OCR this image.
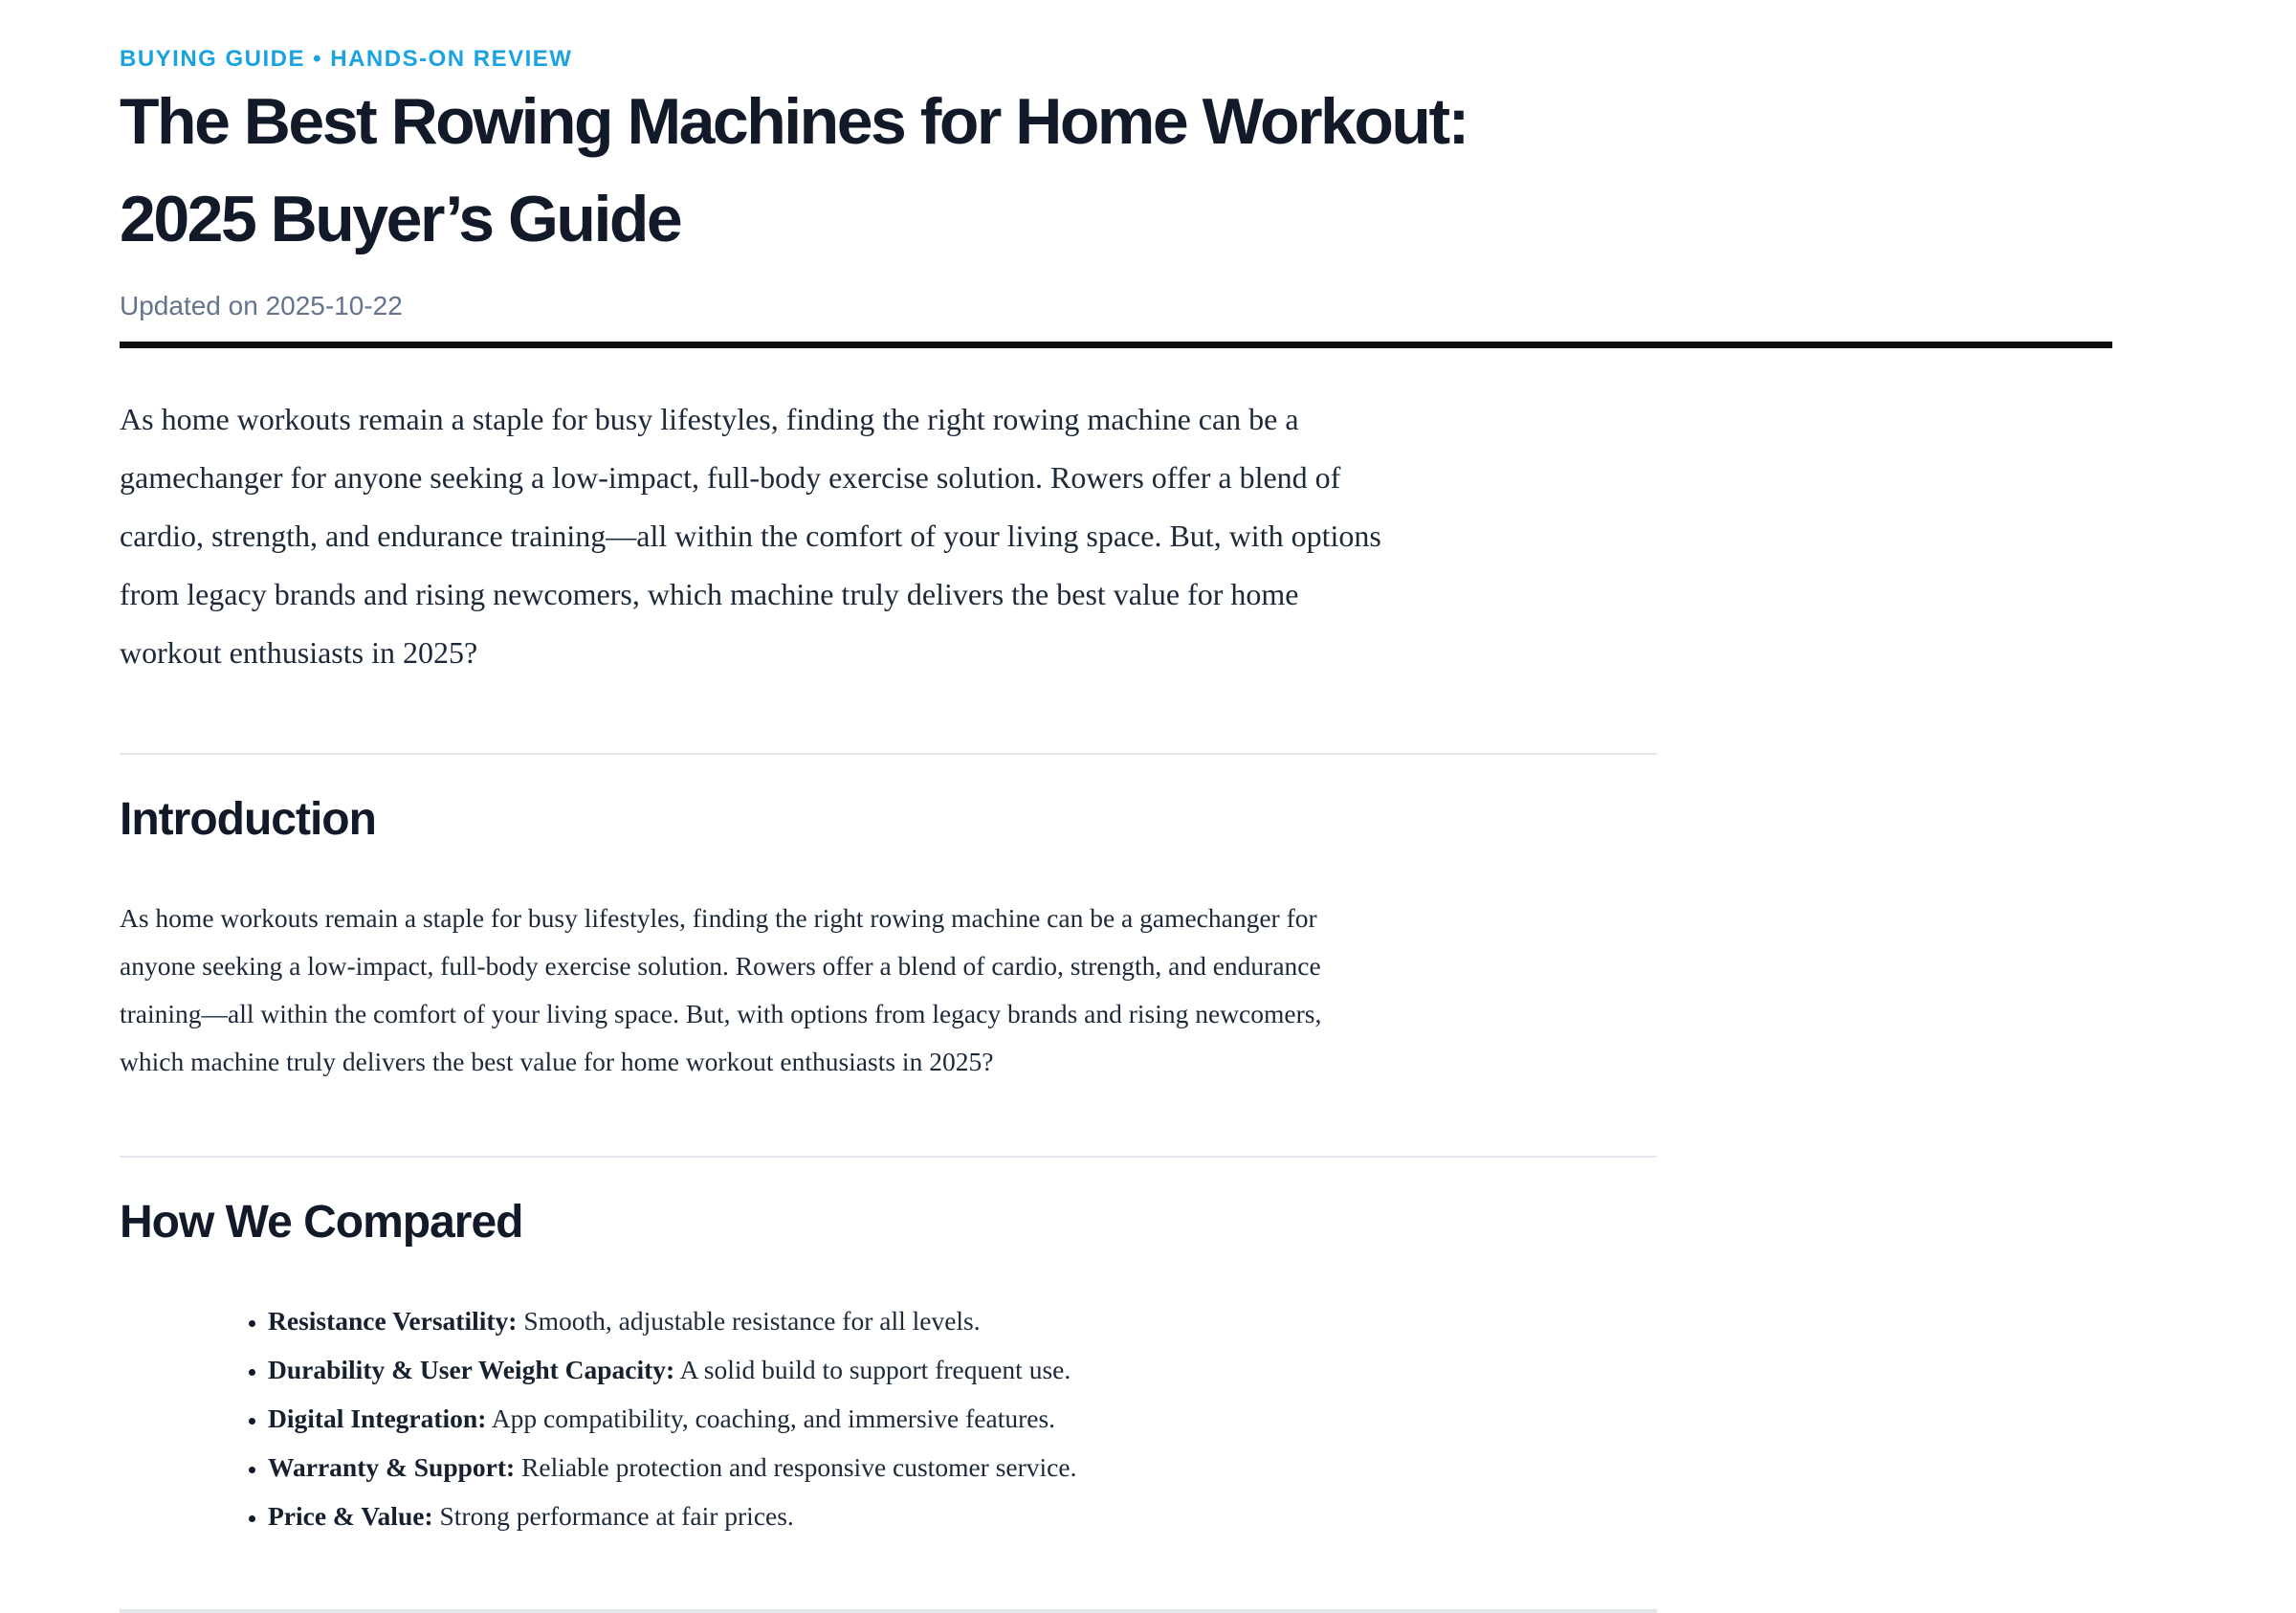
BUYING GUIDE • HANDS-ON REVIEW
The Best Rowing Machines for Home Workout:
2025 Buyer’s Guide
Updated on 2025-10-22

As home workouts remain a staple for busy lifestyles, finding the right rowing machine can be a gamechanger for anyone seeking a low-impact, full-body exercise solution. Rowers offer a blend of cardio, strength, and endurance training—all within the comfort of your living space. But, with options from legacy brands and rising newcomers, which machine truly delivers the best value for home workout enthusiasts in 2025?

Introduction

As home workouts remain a staple for busy lifestyles, finding the right rowing machine can be a gamechanger for anyone seeking a low-impact, full-body exercise solution. Rowers offer a blend of cardio, strength, and endurance training—all within the comfort of your living space. But, with options from legacy brands and rising newcomers, which machine truly delivers the best value for home workout enthusiasts in 2025?

How We Compared
• Resistance Versatility: Smooth, adjustable resistance for all levels.
• Durability & User Weight Capacity: A solid build to support frequent use.
• Digital Integration: App compatibility, coaching, and immersive features.
• Warranty & Support: Reliable protection and responsive customer service.
• Price & Value: Strong performance at fair prices.
